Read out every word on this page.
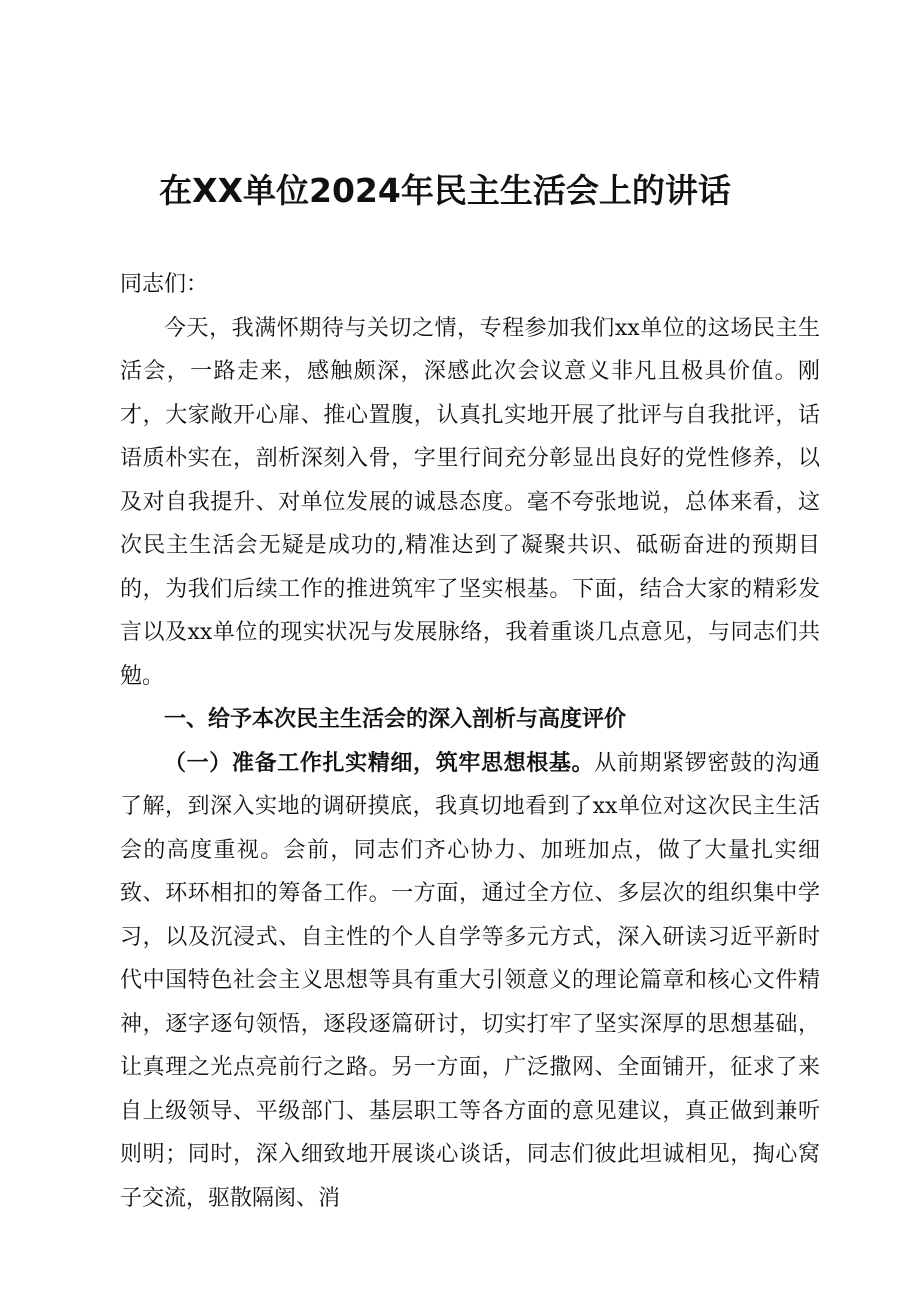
在XX单位2024年民主生活会上的讲话

同志们：

今天，我满怀期待与关切之情，专程参加我们xx单位的这场民主生活会，一路走来，感触颇深，深感此次会议意义非凡且极具价值。刚才，大家敞开心扉、推心置腹，认真扎实地开展了批评与自我批评，话语质朴实在，剖析深刻入骨，字里行间充分彰显出良好的党性修养，以及对自我提升、对单位发展的诚恳态度。毫不夸张地说，总体来看，这次民主生活会无疑是成功的,精准达到了凝聚共识、砥砺奋进的预期目的，为我们后续工作的推进筑牢了坚实根基。下面，结合大家的精彩发言以及xx单位的现实状况与发展脉络，我着重谈几点意见，与同志们共勉。

一、给予本次民主生活会的深入剖析与高度评价

（一）准备工作扎实精细，筑牢思想根基。从前期紧锣密鼓的沟通了解，到深入实地的调研摸底，我真切地看到了xx单位对这次民主生活会的高度重视。会前，同志们齐心协力、加班加点，做了大量扎实细致、环环相扣的筹备工作。一方面，通过全方位、多层次的组织集中学习，以及沉浸式、自主性的个人自学等多元方式，深入研读习近平新时代中国特色社会主义思想等具有重大引领意义的理论篇章和核心文件精神，逐字逐句领悟，逐段逐篇研讨，切实打牢了坚实深厚的思想基础，让真理之光点亮前行之路。另一方面，广泛撒网、全面铺开，征求了来自上级领导、平级部门、基层职工等各方面的意见建议，真正做到兼听则明；同时，深入细致地开展谈心谈话，同志们彼此坦诚相见，掏心窝子交流，驱散隔阂、消
